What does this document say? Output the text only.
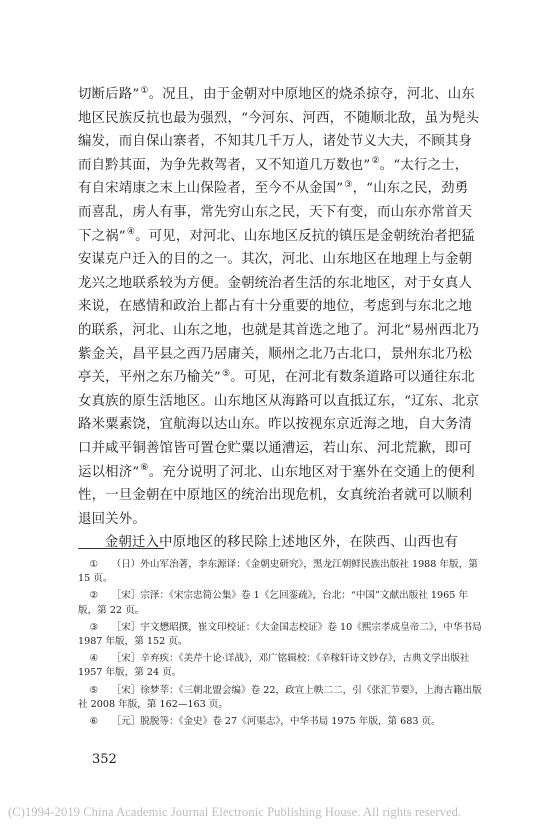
切断后路”①。况且，由于金朝对中原地区的烧杀掠夺，河北、山东地区民族反抗也最为强烈，“今河东、河西，不随顺北敌，虽为髡头编发，而自保山寨者，不知其几千万人，诸处节义大夫，不顾其身而自黔其面，为争先救驾者，又不知道几万数也”②。“太行之士，有自宋靖康之末上山保险者，至今不从金国”③，“山东之民，劲勇而喜乱，虏人有事，常先穷山东之民，天下有变，而山东亦常首天下之祸”④。可见，对河北、山东地区反抗的镇压是金朝统治者把猛安谋克户迁入的目的之一。其次，河北、山东地区在地理上与金朝龙兴之地联系较为方便。金朝统治者生活的东北地区，对于女真人来说，在感情和政治上都占有十分重要的地位，考虑到与东北之地的联系，河北、山东之地，也就是其首选之地了。河北“易州西北乃紫金关，昌平县之西乃居庸关，顺州之北乃古北口，景州东北乃松亭关，平州之东乃榆关”⑤。可见，在河北有数条道路可以通往东北女真族的原生活地区。山东地区从海路可以直抵辽东，“辽东、北京路米粟素饶，宜航海以达山东。昨以按视东京近海之地，自大务清口并咸平铜善馆皆可置仓贮粟以通漕运，若山东、河北荒歉，即可运以相济”⑥。充分说明了河北、山东地区对于塞外在交通上的便利性，一旦金朝在中原地区的统治出现危机，女真统治者就可以顺利退回关外。

金朝迁入中原地区的移民除上述地区外，在陕西、山西也有

① （日）外山军治著，李东源译：《金朝史研究》，黑龙江朝鲜民族出版社 1988 年版，第 15 页。
② ［宋］宗泽：《宋宗忠简公集》卷 1《乞回銮疏》，台北：“中国”文献出版社 1965 年版，第 22 页。
③ ［宋］宇文懋昭撰，崔文印校证：《大金国志校证》卷 10《熙宗孝成皇帝二》，中华书局 1987 年版，第 152 页。
④ ［宋］辛弃疾：《美芹十论·详战》，邓广铭辑校：《辛稼轩诗文钞存》，古典文学出版社 1957 年版，第 24 页。
⑤ ［宋］徐梦莘：《三朝北盟会编》卷 22，政宣上帙二二，引《张汇节要》，上海古籍出版社 2008 年版，第 162—163 页。
⑥ ［元］脱脱等：《金史》卷 27《河渠志》，中华书局 1975 年版，第 683 页。
352
(C)1994-2019 China Academic Journal Electronic Publishing House. All rights reserved.
